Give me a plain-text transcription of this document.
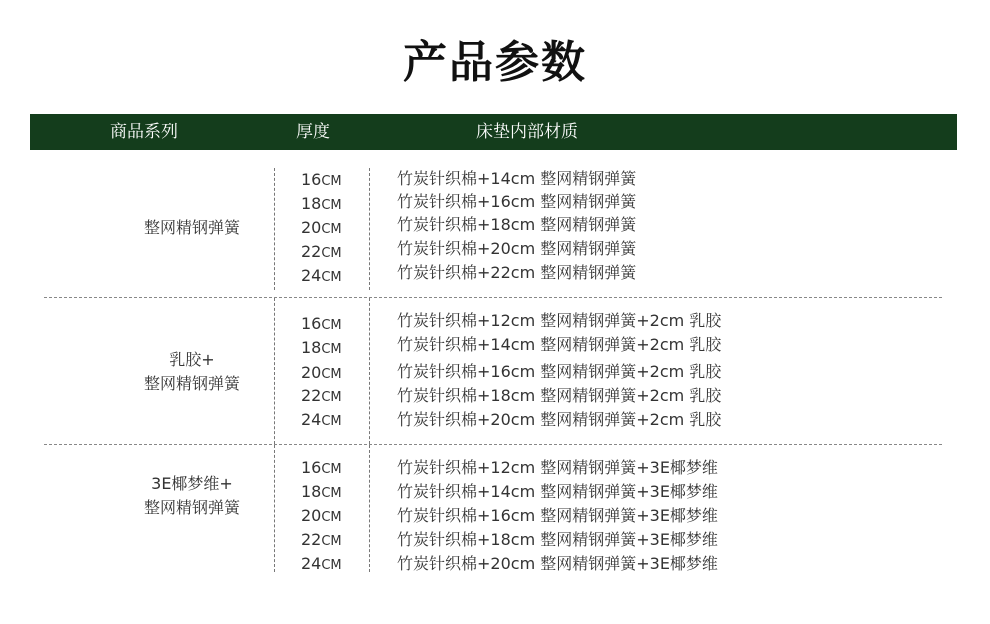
产品参数
商品系列	厚度	床垫内部材质
整网精钢弹簧
16CM	竹炭针织棉+14cm 整网精钢弹簧
18CM	竹炭针织棉+16cm 整网精钢弹簧
20CM	竹炭针织棉+18cm 整网精钢弹簧
22CM	竹炭针织棉+20cm 整网精钢弹簧
24CM	竹炭针织棉+22cm 整网精钢弹簧
乳胶+
整网精钢弹簧
16CM	竹炭针织棉+12cm 整网精钢弹簧+2cm 乳胶
18CM	竹炭针织棉+14cm 整网精钢弹簧+2cm 乳胶
20CM	竹炭针织棉+16cm 整网精钢弹簧+2cm 乳胶
22CM	竹炭针织棉+18cm 整网精钢弹簧+2cm 乳胶
24CM	竹炭针织棉+20cm 整网精钢弹簧+2cm 乳胶
3E椰梦维+
整网精钢弹簧
16CM	竹炭针织棉+12cm 整网精钢弹簧+3E椰梦维
18CM	竹炭针织棉+14cm 整网精钢弹簧+3E椰梦维
20CM	竹炭针织棉+16cm 整网精钢弹簧+3E椰梦维
22CM	竹炭针织棉+18cm 整网精钢弹簧+3E椰梦维
24CM	竹炭针织棉+20cm 整网精钢弹簧+3E椰梦维
